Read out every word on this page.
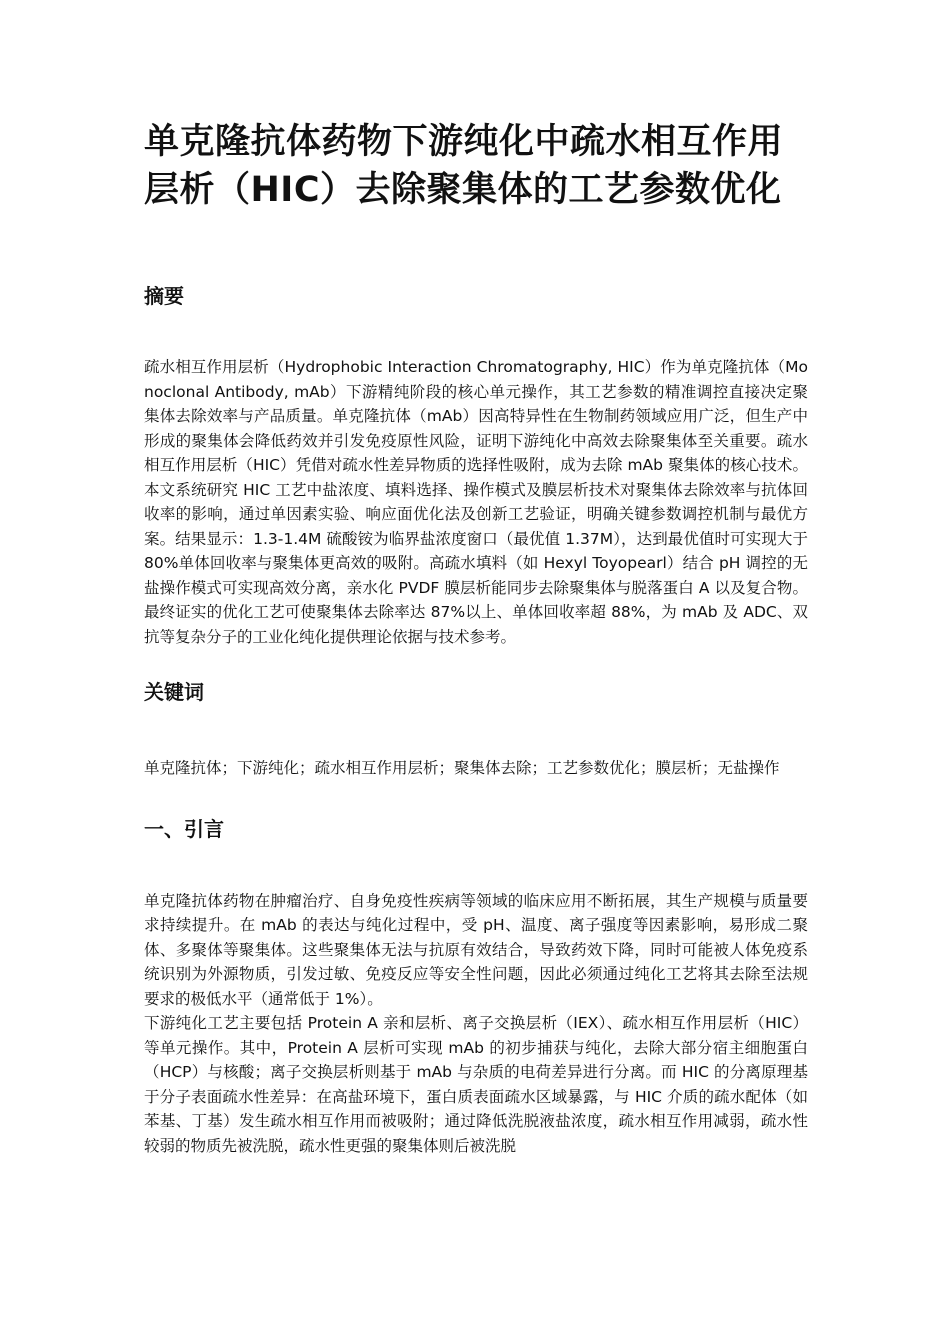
单克隆抗体药物下游纯化中疏水相互作用层析（HIC）去除聚集体的工艺参数优化
摘要

疏水相互作用层析（Hydrophobic Interaction Chromatography, HIC）作为单克隆抗体（Monoclonal Antibody, mAb）下游精纯阶段的核心单元操作，其工艺参数的精准调控直接决定聚集体去除效率与产品质量。单克隆抗体（mAb）因高特异性在生物制药领域应用广泛，但生产中形成的聚集体会降低药效并引发免疫原性风险，证明下游纯化中高效去除聚集体至关重要。疏水相互作用层析（HIC）凭借对疏水性差异物质的选择性吸附，成为去除 mAb 聚集体的核心技术。本文系统研究 HIC 工艺中盐浓度、填料选择、操作模式及膜层析技术对聚集体去除效率与抗体回收率的影响，通过单因素实验、响应面优化法及创新工艺验证，明确关键参数调控机制与最优方案。结果显示：1.3-1.4M 硫酸铵为临界盐浓度窗口（最优值 1.37M），达到最优值时可实现大于 80%单体回收率与聚集体更高效的吸附。高疏水填料（如 Hexyl Toyopearl）结合 pH 调控的无盐操作模式可实现高效分离，亲水化 PVDF 膜层析能同步去除聚集体与脱落蛋白 A 以及复合物。最终证实的优化工艺可使聚集体去除率达 87%以上、单体回收率超 88%，为 mAb 及 ADC、双抗等复杂分子的工业化纯化提供理论依据与技术参考。

关键词

单克隆抗体；下游纯化；疏水相互作用层析；聚集体去除；工艺参数优化；膜层析；无盐操作

一、引言

单克隆抗体药物在肿瘤治疗、自身免疫性疾病等领域的临床应用不断拓展，其生产规模与质量要求持续提升。在 mAb 的表达与纯化过程中，受 pH、温度、离子强度等因素影响，易形成二聚体、多聚体等聚集体。这些聚集体无法与抗原有效结合，导致药效下降，同时可能被人体免疫系统识别为外源物质，引发过敏、免疫反应等安全性问题，因此必须通过纯化工艺将其去除至法规要求的极低水平（通常低于 1%）。

下游纯化工艺主要包括 Protein A 亲和层析、离子交换层析（IEX）、疏水相互作用层析（HIC）等单元操作。其中，Protein A 层析可实现 mAb 的初步捕获与纯化，去除大部分宿主细胞蛋白（HCP）与核酸；离子交换层析则基于 mAb 与杂质的电荷差异进行分离。而 HIC 的分离原理基于分子表面疏水性差异：在高盐环境下，蛋白质表面疏水区域暴露，与 HIC 介质的疏水配体（如苯基、丁基）发生疏水相互作用而被吸附；通过降低洗脱液盐浓度，疏水相互作用减弱，疏水性较弱的物质先被洗脱，疏水性更强的聚集体则后被洗脱
